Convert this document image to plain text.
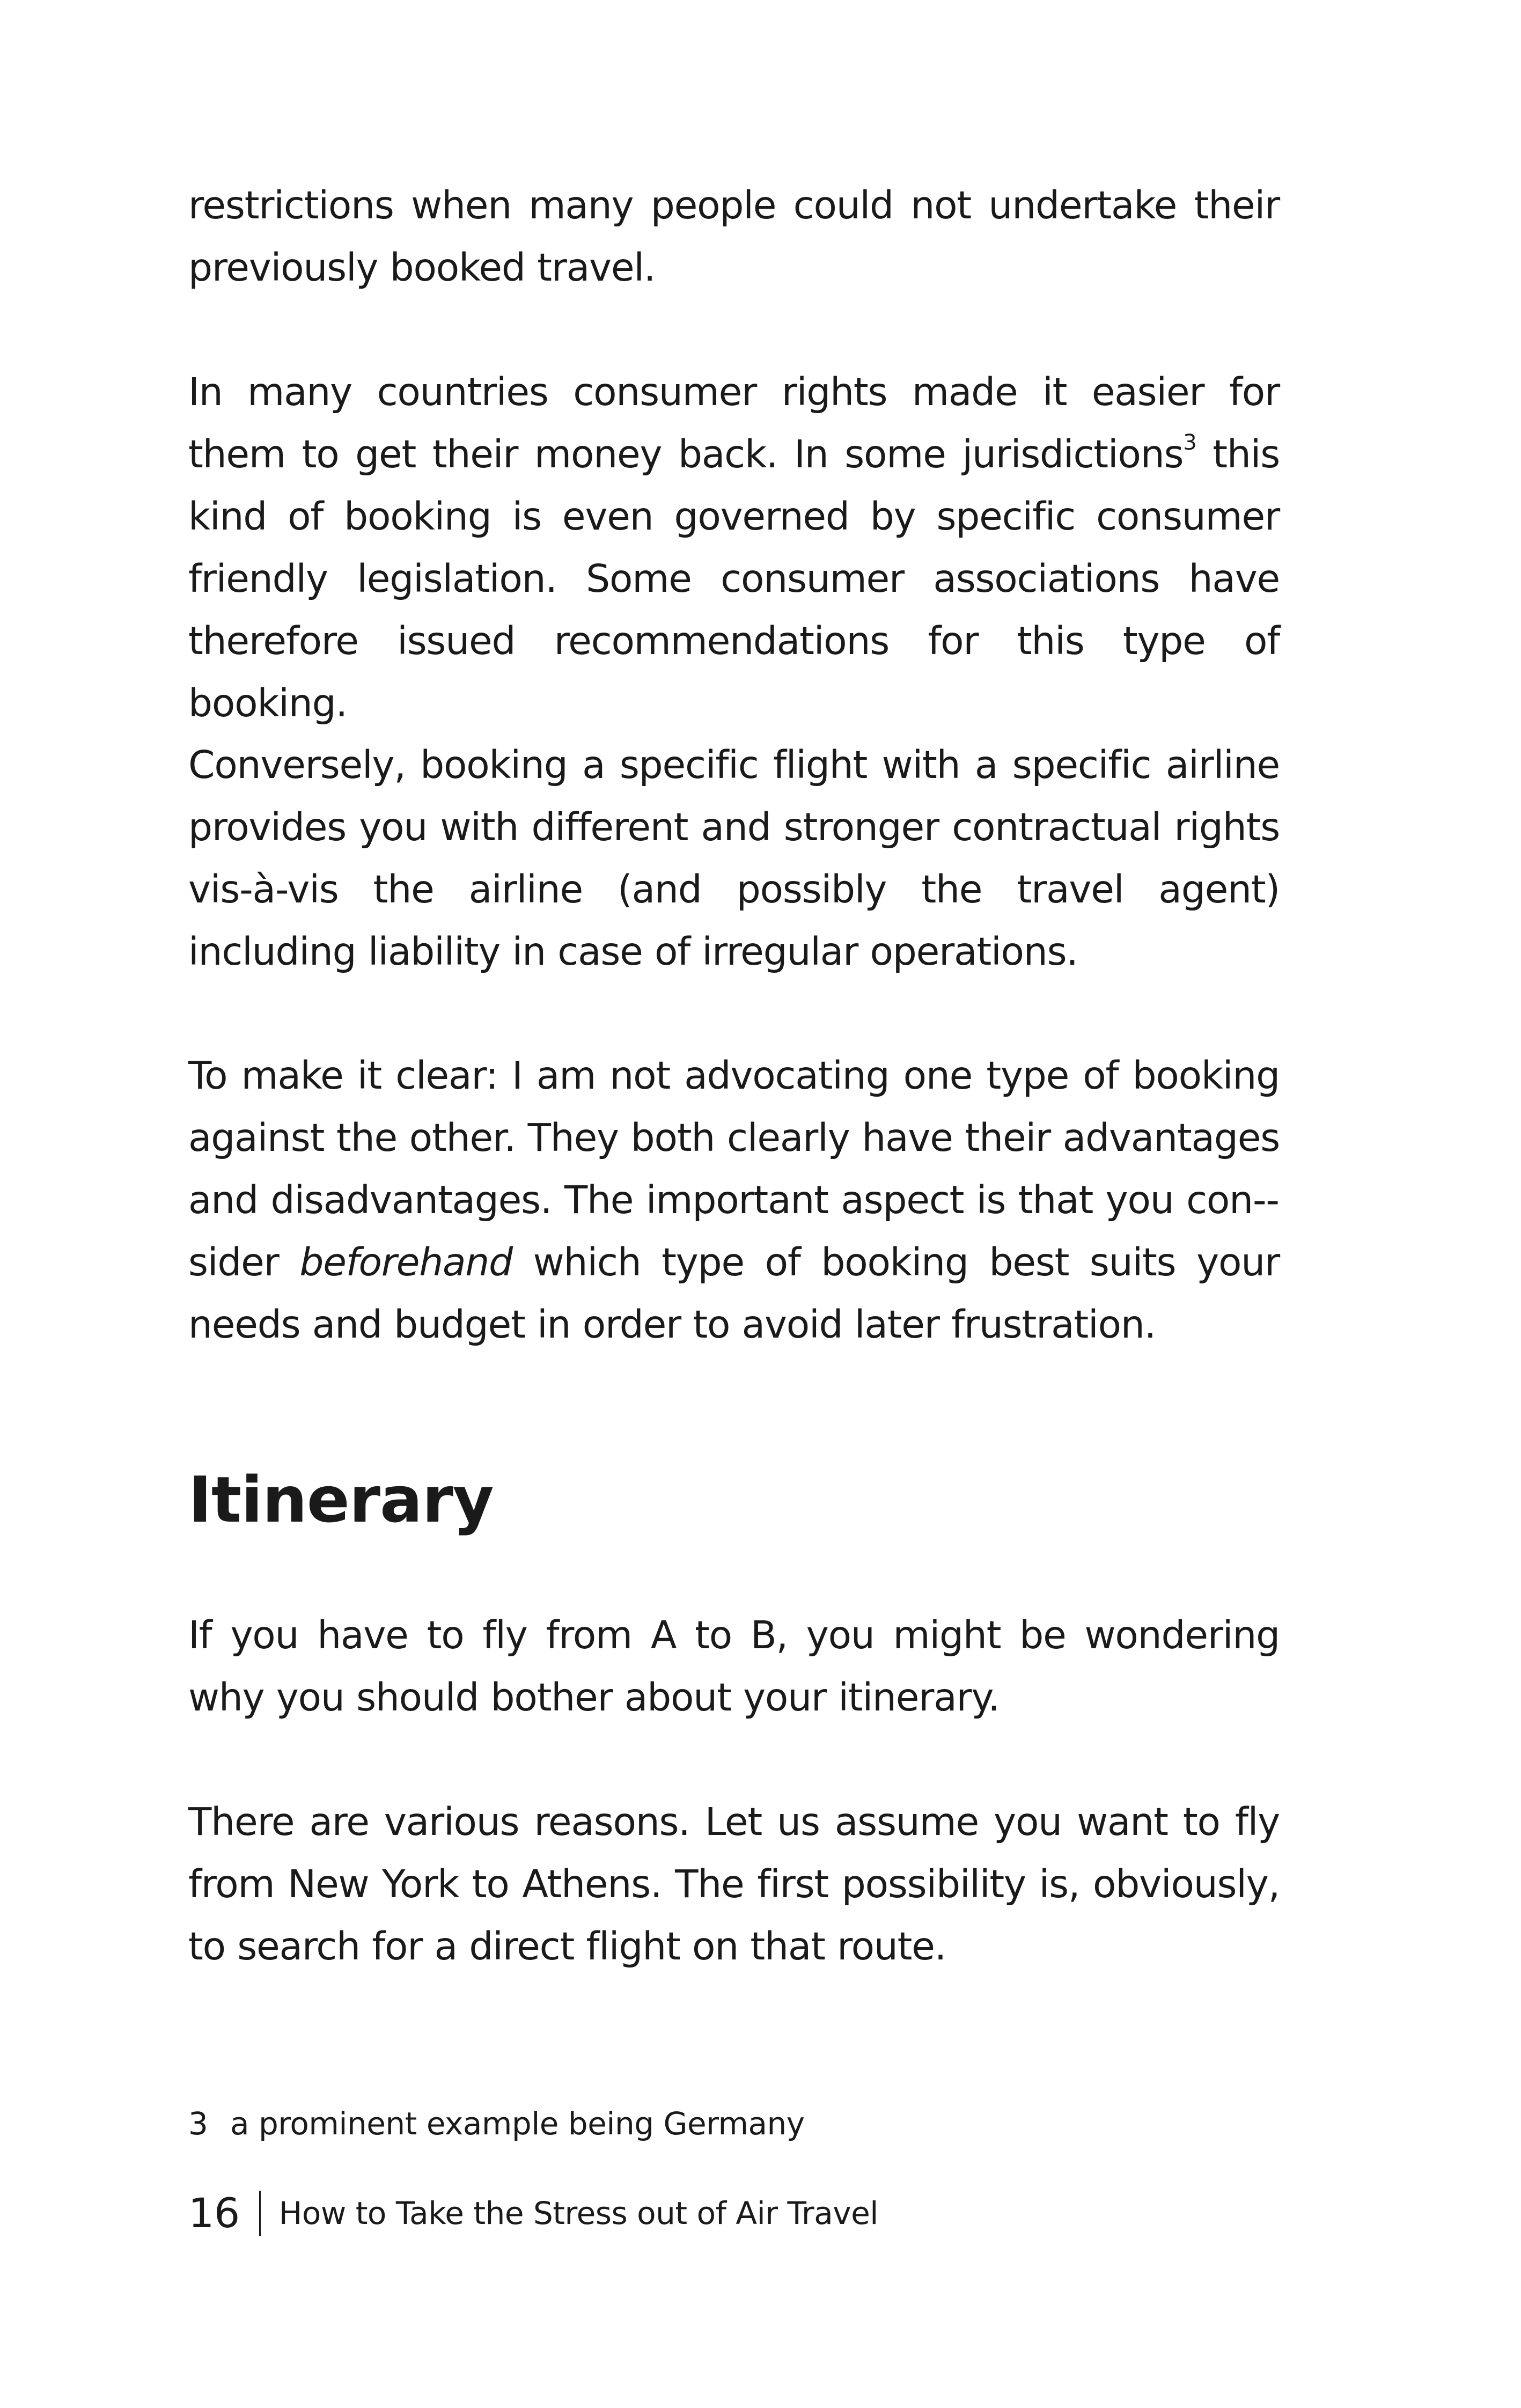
restrictions when many people could not undertake their previously booked travel.

In many countries consumer rights made it easier for them to get their money back. In some jurisdictions$^3$ this kind of booking is even governed by specific consumer friendly legislation. Some consumer associations have therefore issued recommendations for this type of booking.

Conversely, booking a specific flight with a specific airline provides you with different and stronger contractual rights vis-à-vis the airline (and possibly the travel agent) including liability in case of irregular operations.

To make it clear: I am not advocating one type of booking against the other. They both clearly have their advantages and disadvantages. The important aspect is that you con-sider beforehand which type of booking best suits your needs and budget in order to avoid later frustration.

Itinerary

If you have to fly from A to B, you might be wondering why you should bother about your itinerary.

There are various reasons. Let us assume you want to fly from New York to Athens. The first possibility is, obviously, to search for a direct flight on that route.

3 a prominent example being Germany
16 How to Take the Stress out of Air Travel
